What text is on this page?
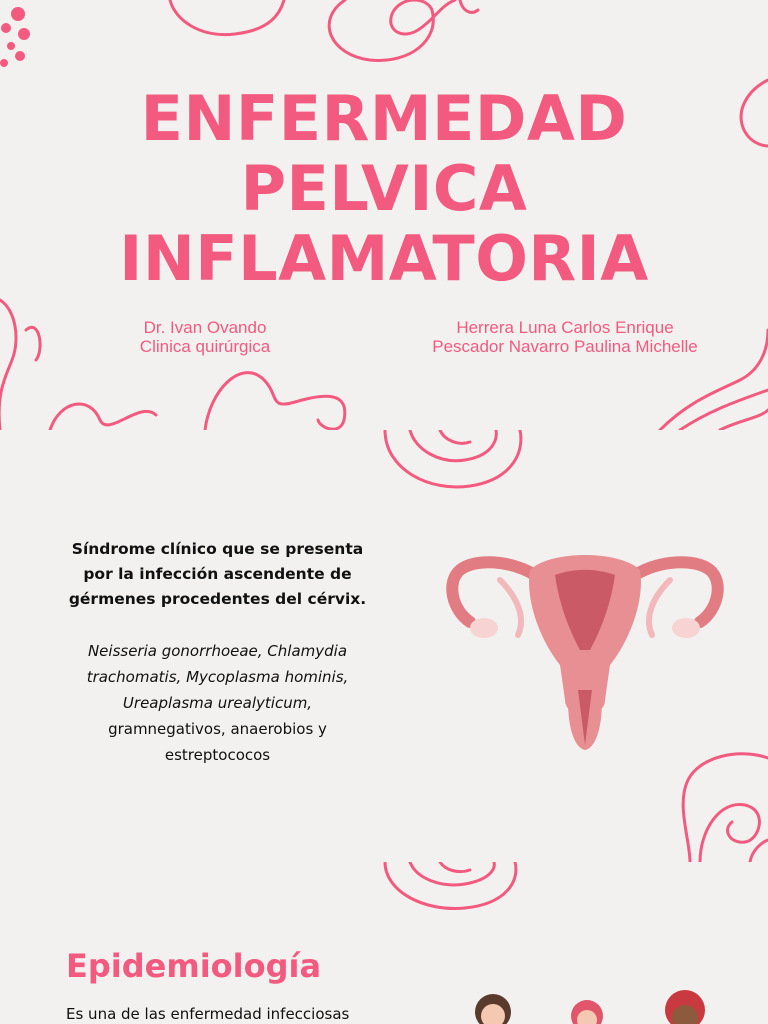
ENFERMEDAD
PELVICA
INFLAMATORIA
Dr. Ivan Ovando
Clinica quirúrgica
Herrera Luna Carlos Enrique
Pescador Navarro Paulina Michelle

Síndrome clínico que se presenta
por la infección ascendente de
gérmenes procedentes del cérvix.

Neisseria gonorrhoeae, Chlamydia
trachomatis, Mycoplasma hominis,
Ureaplasma urealyticum,
gramnegativos, anaerobios y
estreptococos

Epidemiología

Es una de las enfermedad infecciosas
